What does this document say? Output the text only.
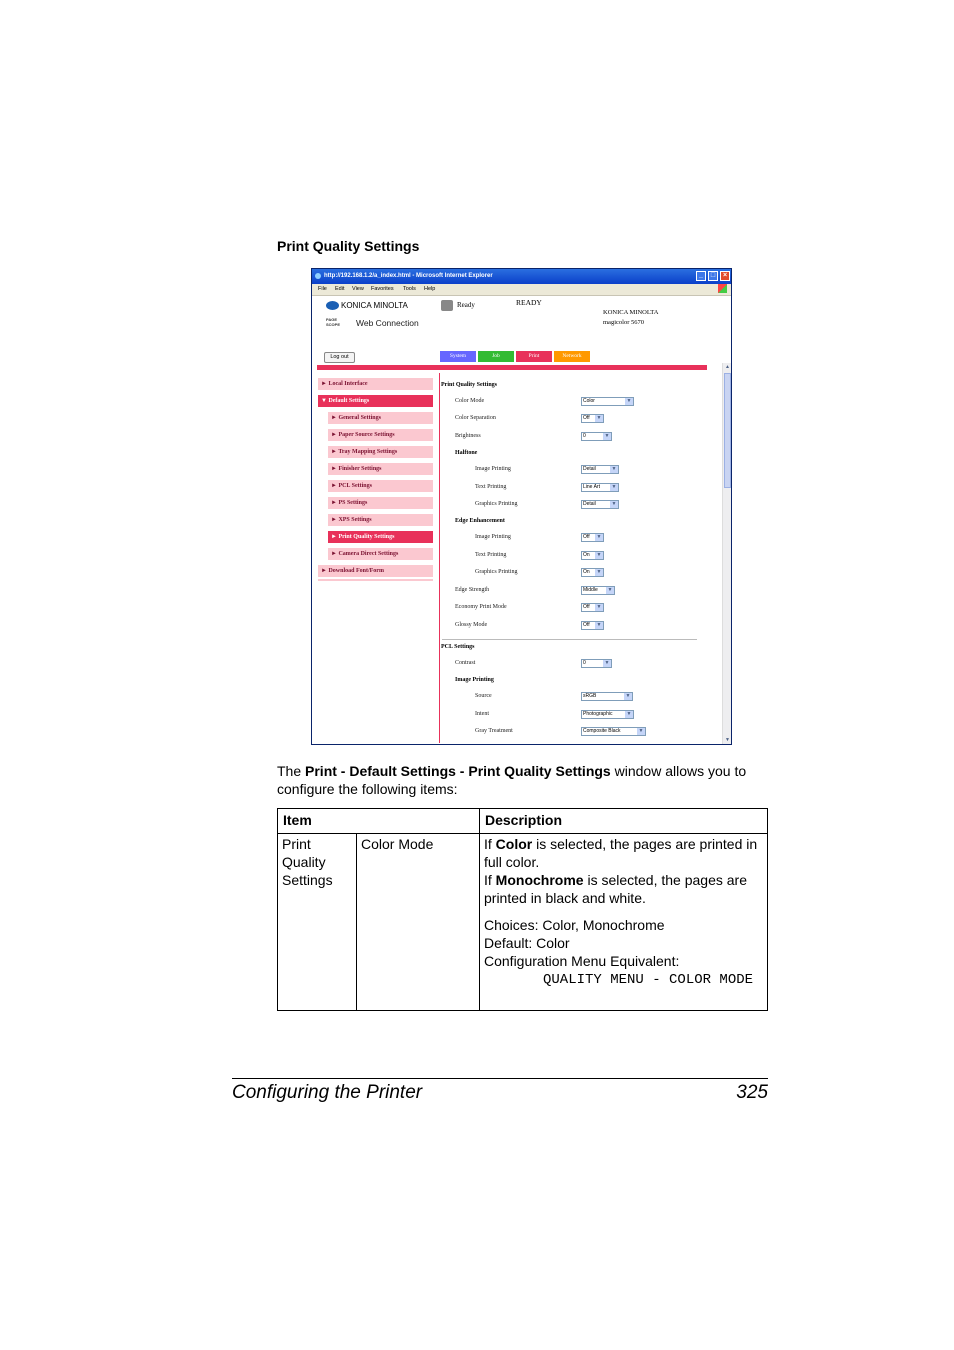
Print Quality Settings
http://192.168.1.2/a_index.html - Microsoft Internet Explorer	_	□	×
File Edit View Favorites Tools Help
KONICA MINOLTA
PAGE SCOPE Web Connection
Ready	READY
KONICA MINOLTA
magicolor 5670
Log out	System	Job	Print	Network
▲
▼
► Local Interface
▼ Default Settings
► General Settings
► Paper Source Settings
► Tray Mapping Settings
► Finisher Settings
► PCL Settings
► PS Settings
► XPS Settings
► Print Quality Settings
► Camera Direct Settings
► Download Font/Form
Print Quality Settings
Color Mode	Color	▼
Color Separation	Off	▼
Brightness	0	▼
Halftone
Image Printing	Detail	▼
Text Printing	Line Art	▼
Graphics Printing	Detail	▼
Edge Enhancement
Image Printing	Off	▼
Text Printing	On	▼
Graphics Printing	On	▼
Edge Strength	Middle	▼
Economy Print Mode	Off	▼
Glossy Mode	Off	▼
PCL Settings
Contrast	0	▼
Image Printing
Source	sRGB	▼
Intent	Photographic	▼
Gray Treatment	Composite Black	▼
The Print - Default Settings - Print Quality Settings window allows you to configure the following items:
Item	Description
Print Quality Settings
Color Mode	If Color is selected, the pages are printed in full color.
If Monochrome is selected, the pages are printed in black and white.
Choices: Color, Monochrome
Default: Color
Configuration Menu Equivalent:
QUALITY MENU - COLOR MODE
Configuring the Printer	325
